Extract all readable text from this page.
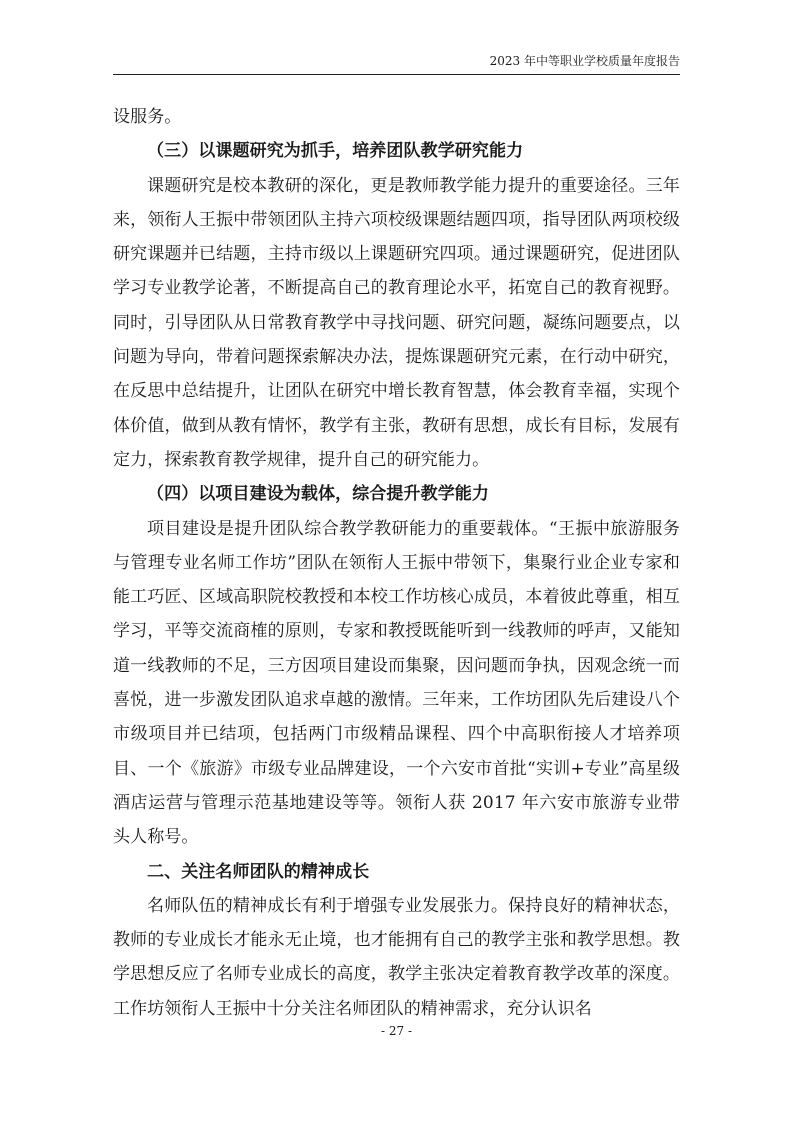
2023 年中等职业学校质量年度报告

设服务。

（三）以课题研究为抓手，培养团队教学研究能力

课题研究是校本教研的深化，更是教师教学能力提升的重要途径。三年来，领衔人王振中带领团队主持六项校级课题结题四项，指导团队两项校级研究课题并已结题，主持市级以上课题研究四项。通过课题研究，促进团队学习专业教学论著，不断提高自己的教育理论水平，拓宽自己的教育视野。同时，引导团队从日常教育教学中寻找问题、研究问题，凝练问题要点，以问题为导向，带着问题探索解决办法，提炼课题研究元素，在行动中研究，在反思中总结提升，让团队在研究中增长教育智慧，体会教育幸福，实现个体价值，做到从教有情怀，教学有主张，教研有思想，成长有目标，发展有定力，探索教育教学规律，提升自己的研究能力。

（四）以项目建设为载体，综合提升教学能力

项目建设是提升团队综合教学教研能力的重要载体。“王振中旅游服务与管理专业名师工作坊”团队在领衔人王振中带领下，集聚行业企业专家和能工巧匠、区域高职院校教授和本校工作坊核心成员，本着彼此尊重，相互学习，平等交流商榷的原则，专家和教授既能听到一线教师的呼声，又能知道一线教师的不足，三方因项目建设而集聚，因问题而争执，因观念统一而喜悦，进一步激发团队追求卓越的激情。三年来，工作坊团队先后建设八个市级项目并已结项，包括两门市级精品课程、四个中高职衔接人才培养项目、一个《旅游》市级专业品牌建设，一个六安市首批“实训+专业”高星级酒店运营与管理示范基地建设等等。领衔人获 2017 年六安市旅游专业带头人称号。

二、关注名师团队的精神成长

名师队伍的精神成长有利于增强专业发展张力。保持良好的精神状态，教师的专业成长才能永无止境，也才能拥有自己的教学主张和教学思想。教学思想反应了名师专业成长的高度，教学主张决定着教育教学改革的深度。工作坊领衔人王振中十分关注名师团队的精神需求，充分认识名

- 27 -
